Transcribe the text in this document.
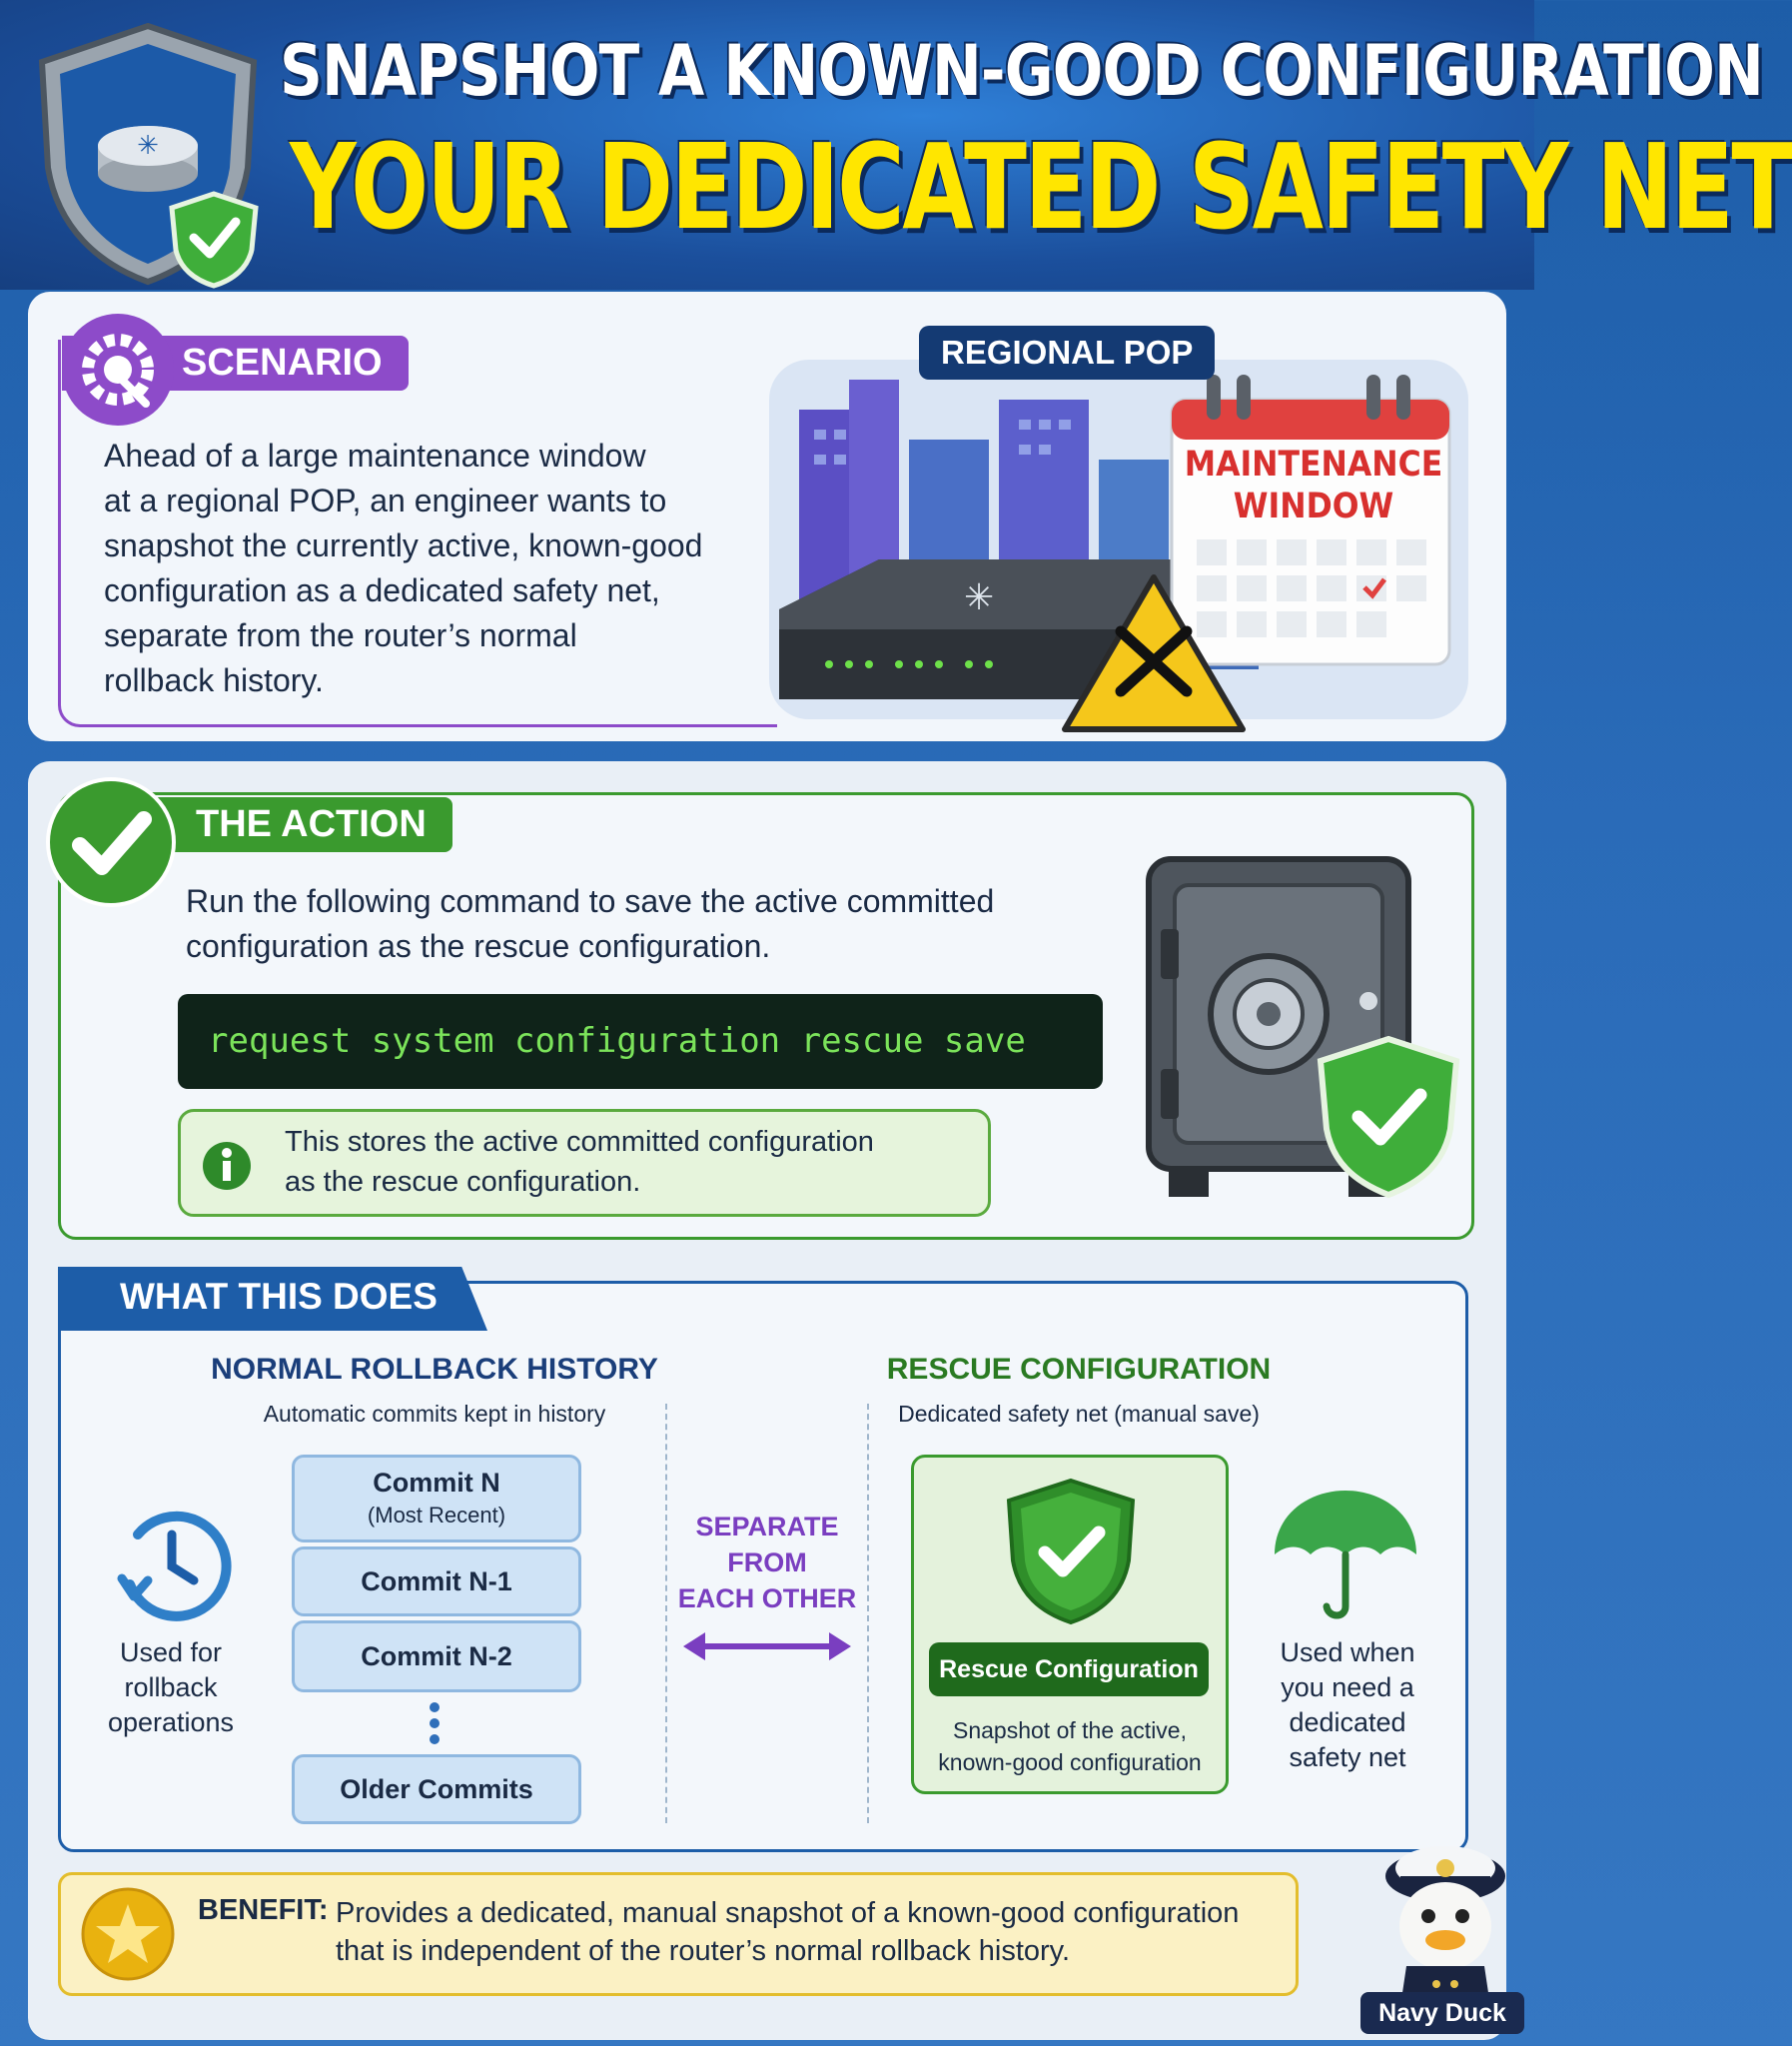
✳
SNAPSHOT A KNOWN-GOOD CONFIGURATION
YOUR DEDICATED SAFETY NET
SCENARIO
Ahead of a large maintenance window
at a regional POP, an engineer wants to
snapshot the currently active, known-good
configuration as a dedicated safety net,
separate from the router’s normal
rollback history.
✳
MAINTENANCE
WINDOW
REGIONAL POP
THE ACTION
Run the following command to save the active committed
configuration as the rescue configuration.
request system configuration rescue save
This stores the active committed configuration
as the rescue configuration.
WHAT THIS DOES
NORMAL ROLLBACK HISTORY
Automatic commits kept in history
Commit N
(Most Recent)
Commit N-1
Commit N-2
Older Commits
Used for
rollback
operations
SEPARATE
FROM
EACH OTHER
RESCUE CONFIGURATION
Dedicated safety net (manual save)
Rescue Configuration
Snapshot of the active,
known-good configuration
Used when
you need a
dedicated
safety net
BENEFIT: Provides a dedicated, manual snapshot of a known-good configuration
that is independent of the router’s normal rollback history.
Navy Duck
